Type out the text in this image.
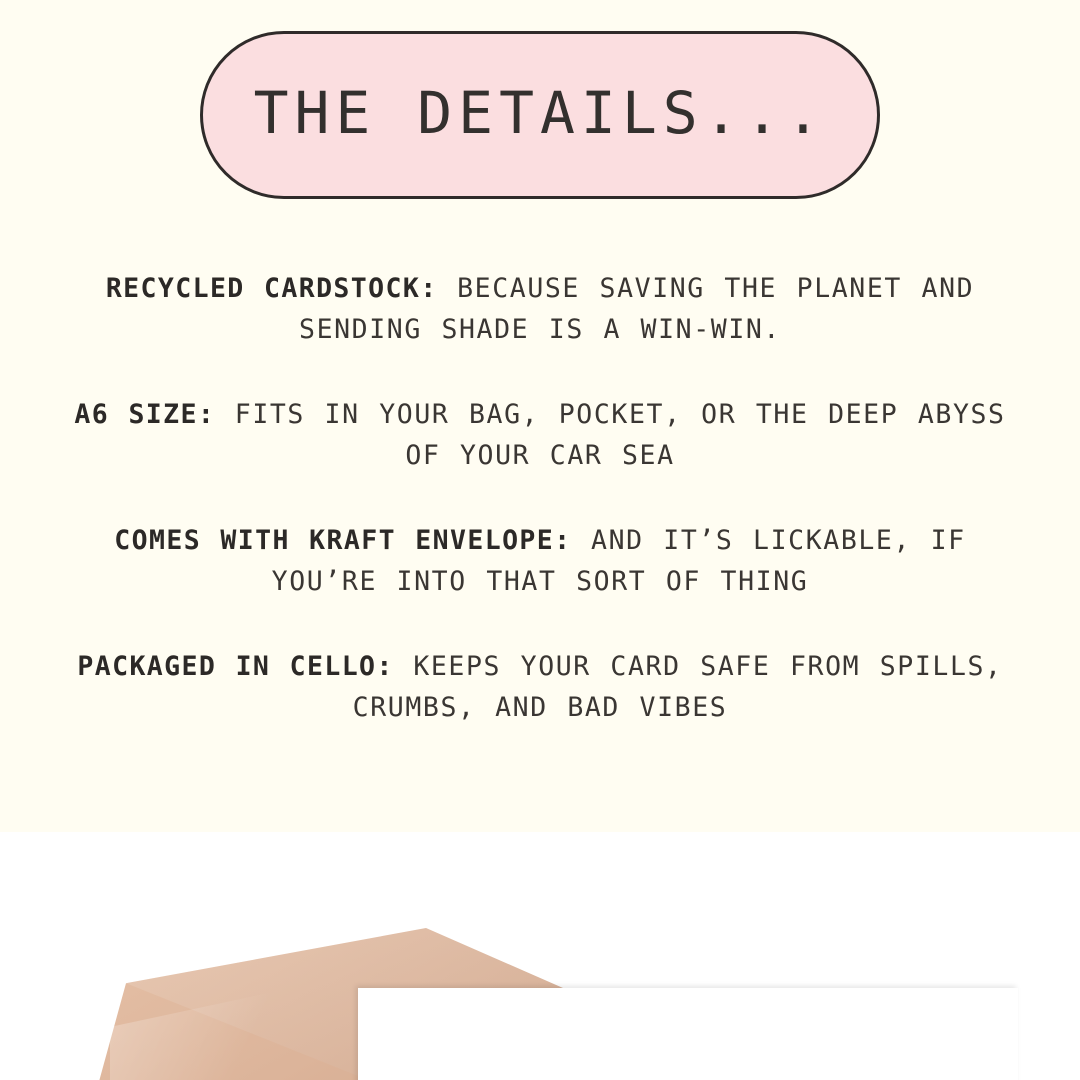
THE DETAILS...
RECYCLED CARDSTOCK: BECAUSE SAVING THE PLANET AND SENDING SHADE IS A WIN-WIN.
A6 SIZE: FITS IN YOUR BAG, POCKET, OR THE DEEP ABYSS OF YOUR CAR SEA
COMES WITH KRAFT ENVELOPE: AND IT’S LICKABLE, IF YOU’RE INTO THAT SORT OF THING
PACKAGED IN CELLO: KEEPS YOUR CARD SAFE FROM SPILLS, CRUMBS, AND BAD VIBES
